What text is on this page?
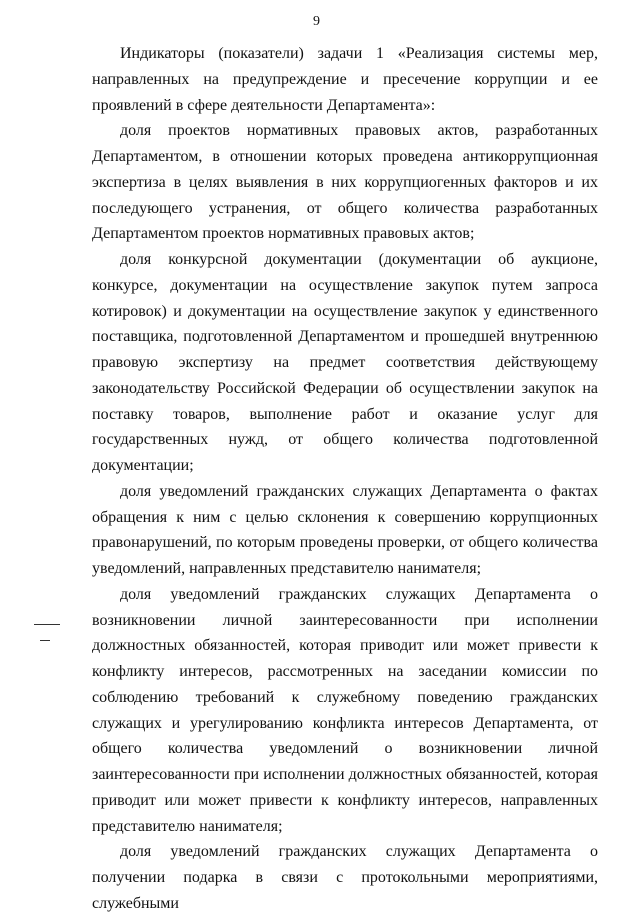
9

Индикаторы (показатели) задачи 1 «Реализация системы мер, направленных на предупреждение и пресечение коррупции и ее проявлений в сфере деятельности Департамента»:

доля проектов нормативных правовых актов, разработанных Департаментом, в отношении которых проведена антикоррупционная экспертиза в целях выявления в них коррупциогенных факторов и их последующего устранения, от общего количества разработанных Департаментом проектов нормативных правовых актов;

доля конкурсной документации (документации об аукционе, конкурсе, документации на осуществление закупок путем запроса котировок) и документации на осуществление закупок у единственного поставщика, подготовленной Департаментом и прошедшей внутреннюю правовую экспертизу на предмет соответствия действующему законодательству Российской Федерации об осуществлении закупок на поставку товаров, выполнение работ и оказание услуг для государственных нужд, от общего количества подготовленной документации;

доля уведомлений гражданских служащих Департамента о фактах обращения к ним с целью склонения к совершению коррупционных правонарушений, по которым проведены проверки, от общего количества уведомлений, направленных представителю нанимателя;

доля уведомлений гражданских служащих Департамента о возникновении личной заинтересованности при исполнении должностных обязанностей, которая приводит или может привести к конфликту интересов, рассмотренных на заседании комиссии по соблюдению требований к служебному поведению гражданских служащих и урегулированию конфликта интересов Департамента, от общего количества уведомлений о возникновении личной заинтересованности при исполнении должностных обязанностей, которая приводит или может привести к конфликту интересов, направленных представителю нанимателя;

доля уведомлений гражданских служащих Департамента о получении подарка в связи с протокольными мероприятиями, служебными
